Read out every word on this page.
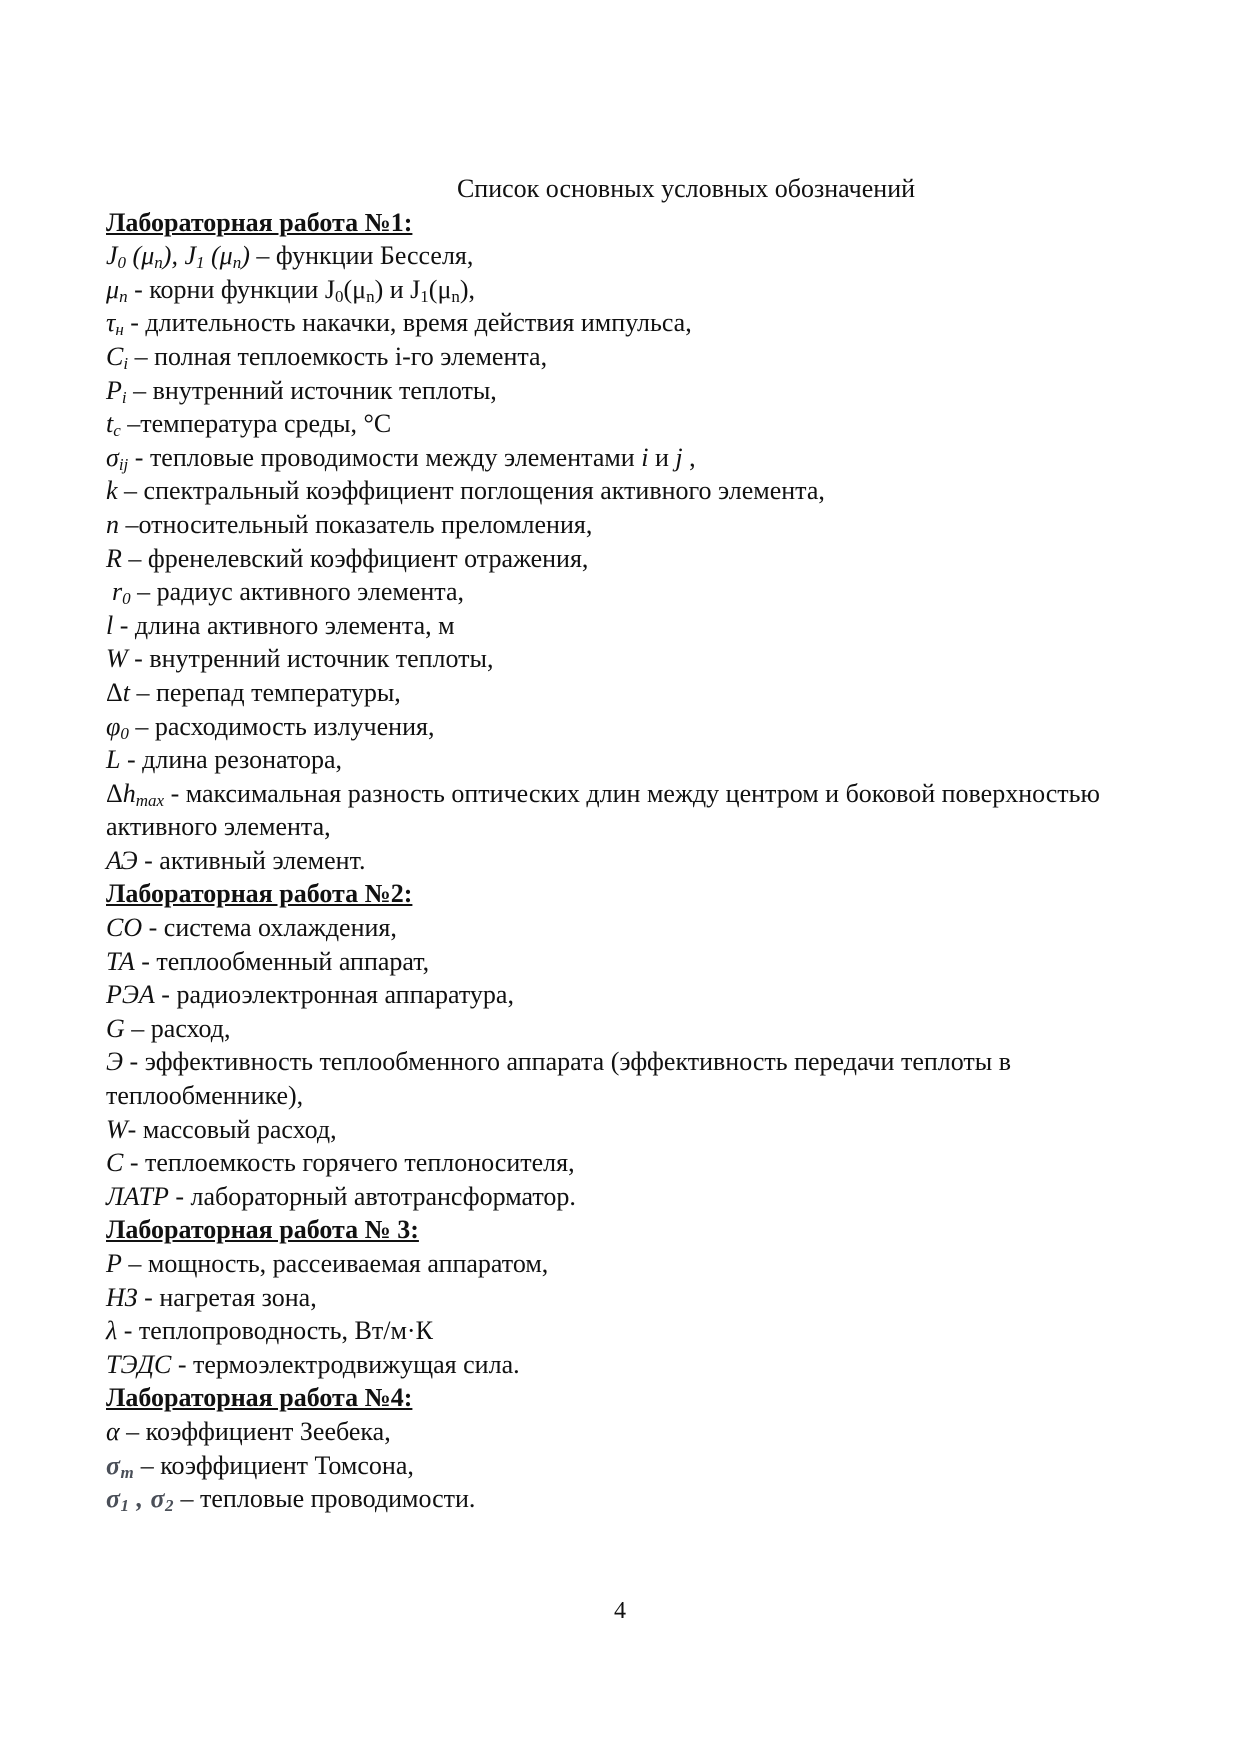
Список основных условных обозначений
Лабораторная работа №1:
$J_0$ $(\mu_n)$, $J_1$ $(\mu_n)$ – функции Бесселя,
$\mu_n$ - корни функции $J_0(\mu_n)$ и $J_1(\mu_n)$,
$\tau_н$ - длительность накачки, время действия импульса,
$C_i$ – полная теплоемкость i-го элемента,
$P_i$ – внутренний источник теплоты,
$t_c$ –температура среды, °С
$\sigma_{ij}$ - тепловые проводимости между элементами i и j ,
k – спектральный коэффициент поглощения активного элемента,
n –относительный показатель преломления,
R – френелевский коэффициент отражения,
$r_0$ – радиус активного элемента,
l - длина активного элемента, м
W - внутренний источник теплоты,
Δt – перепад температуры,
$\varphi_0$ – расходимость излучения,
L - длина резонатора,
$\Delta h_{max}$ - максимальная разность оптических длин между центром и боковой поверхностью активного элемента,
АЭ - активный элемент.
Лабораторная работа №2:
СО - система охлаждения,
ТА - теплообменный аппарат,
РЭА - радиоэлектронная аппаратура,
G – расход,
Э - эффективность теплообменного аппарата (эффективность передачи теплоты в теплообменнике),
W- массовый расход,
С - теплоемкость горячего теплоносителя,
ЛАТР - лабораторный автотрансформатор.
Лабораторная работа № 3:
Р – мощность, рассеиваемая аппаратом,
НЗ - нагретая зона,
λ - теплопроводность, Вт/м·К
ТЭДС - термоэлектродвижущая сила.
Лабораторная работа №4:
α – коэффициент Зеебека,
$\sigma_т$ – коэффициент Томсона,
$\sigma_1$ , $\sigma_2$ – тепловые проводимости.
4
